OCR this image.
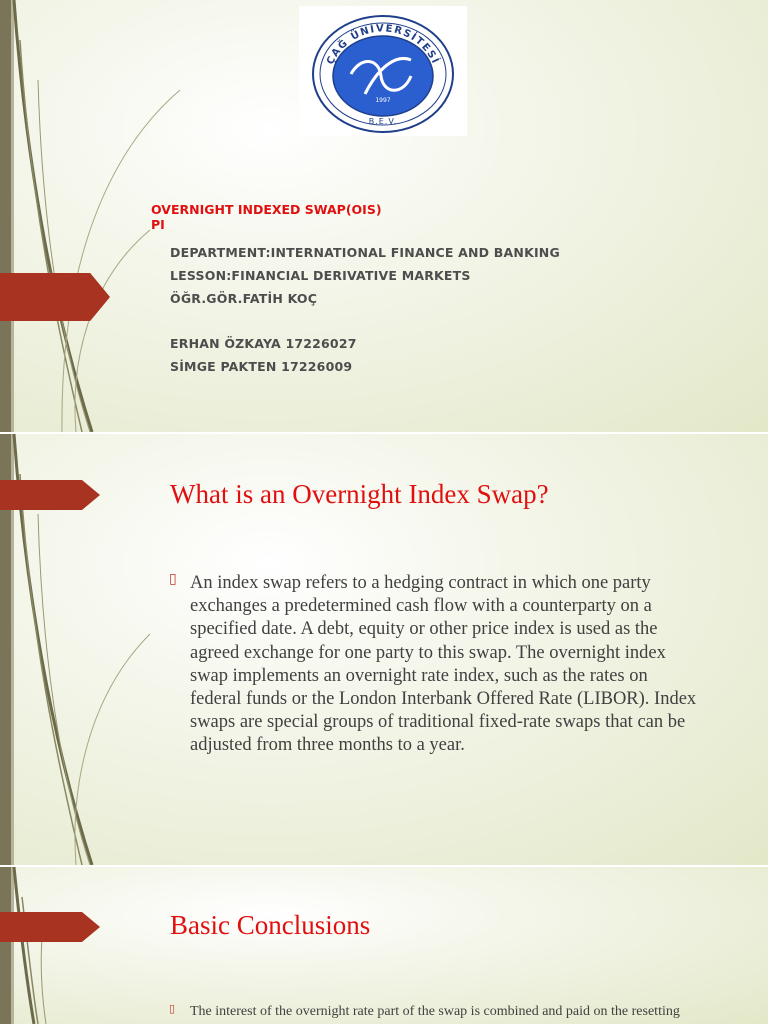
ÇAĞ ÜNİVERSİTESİ
1997
B.E.V.
OVERNIGHT INDEXED SWAP(OIS)
PI
DEPARTMENT:INTERNATIONAL FINANCE AND BANKING
LESSON:FINANCIAL DERIVATIVE MARKETS
ÖĞR.GÖR.FATİH KOÇ
ERHAN ÖZKAYA 17226027
SİMGE PAKTEN 17226009
What is an Overnight Index Swap?
▯ An index swap refers to a hedging contract in which one party
exchanges a predetermined cash flow with a counterparty on a
specified date. A debt, equity or other price index is used as the
agreed exchange for one party to this swap. The overnight index
swap implements an overnight rate index, such as the rates on
federal funds or the London Interbank Offered Rate (LIBOR). Index
swaps are special groups of traditional fixed-rate swaps that can be
adjusted from three months to a year.
Basic Conclusions
▯ The interest of the overnight rate part of the swap is combined and paid on the resetting
